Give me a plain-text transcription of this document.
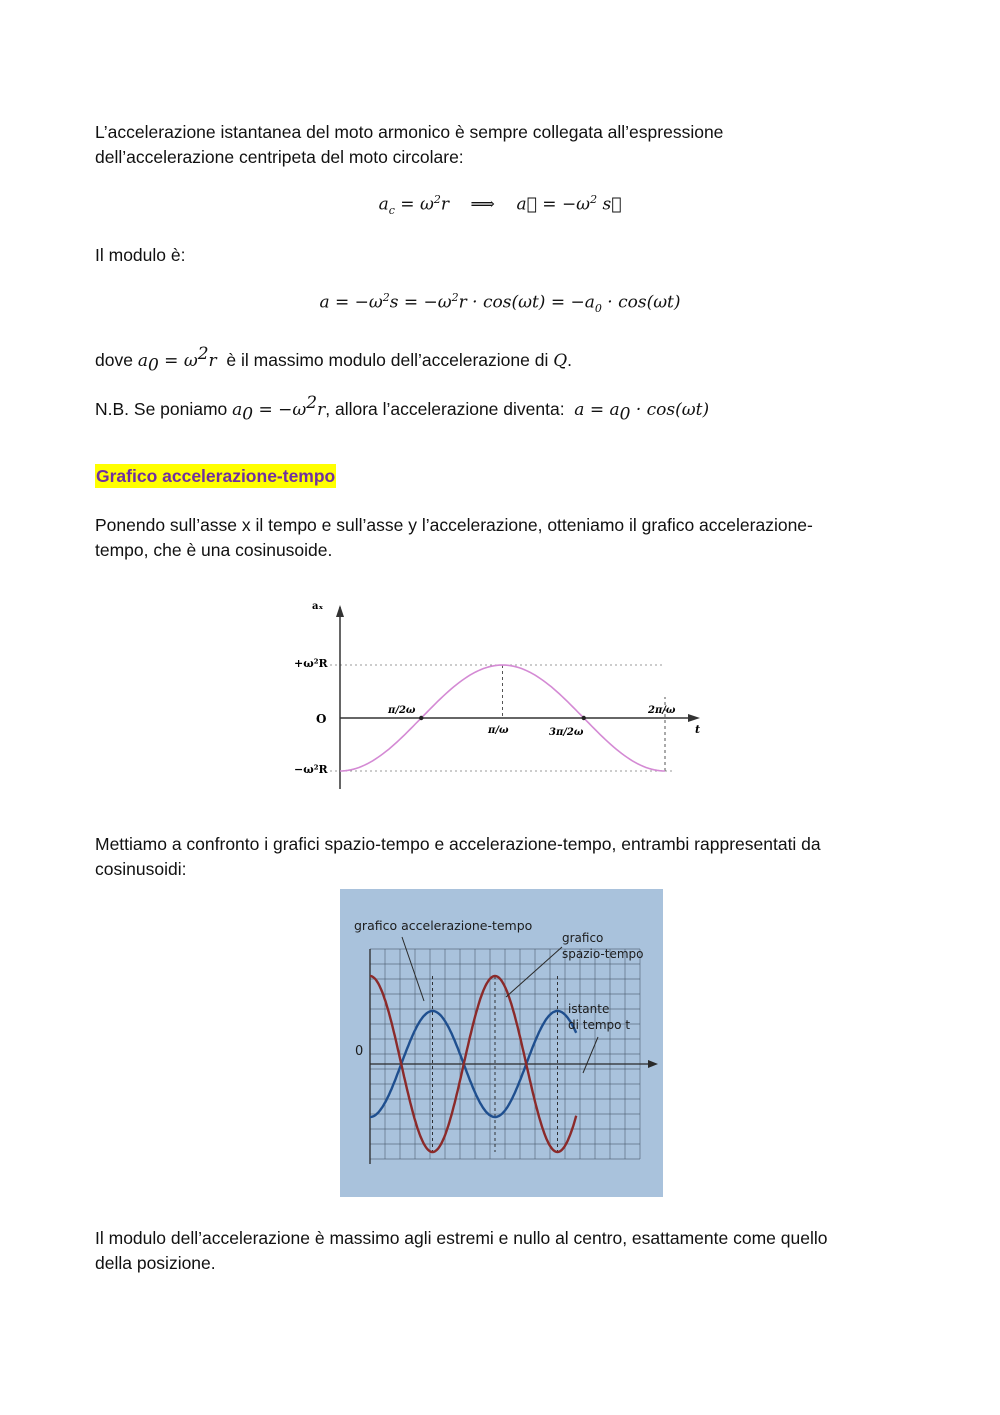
L’accelerazione istantanea del moto armonico è sempre collegata all’espressione

dell’accelerazione centripeta del moto circolare:

$a_c = \omega^2r$    ⟹    a⃗ = $-\omega^2$ s⃗

Il modulo è:

$a = -\omega^2s = -\omega^2r \cdot \cos(\omega t) = -a_0 \cdot \cos(\omega t)$

dove $a_0 = \omega^2r$  è il massimo modulo dell’accelerazione di Q.

N.B. Se poniamo $a_0 = -\omega^2r$, allora l’accelerazione diventa:  $a = a_0 \cdot \cos(\omega t)$

Grafico accelerazione-tempo

Ponendo sull’asse x il tempo e sull’asse y l’accelerazione, otteniamo il grafico accelerazione-

tempo, che è una cosinusoide.

aₓ
t
+ω²R
O
−ω²R
π/2ω
π/ω	3π/2ω
2π/ω

Mettiamo a confronto i grafici spazio-tempo e accelerazione-tempo, entrambi rappresentati da

cosinusoidi:

grafico accelerazione-tempo
grafico
spazio-tempo
istante
di tempo t
0

Il modulo dell’accelerazione è massimo agli estremi e nullo al centro, esattamente come quello

della posizione.
